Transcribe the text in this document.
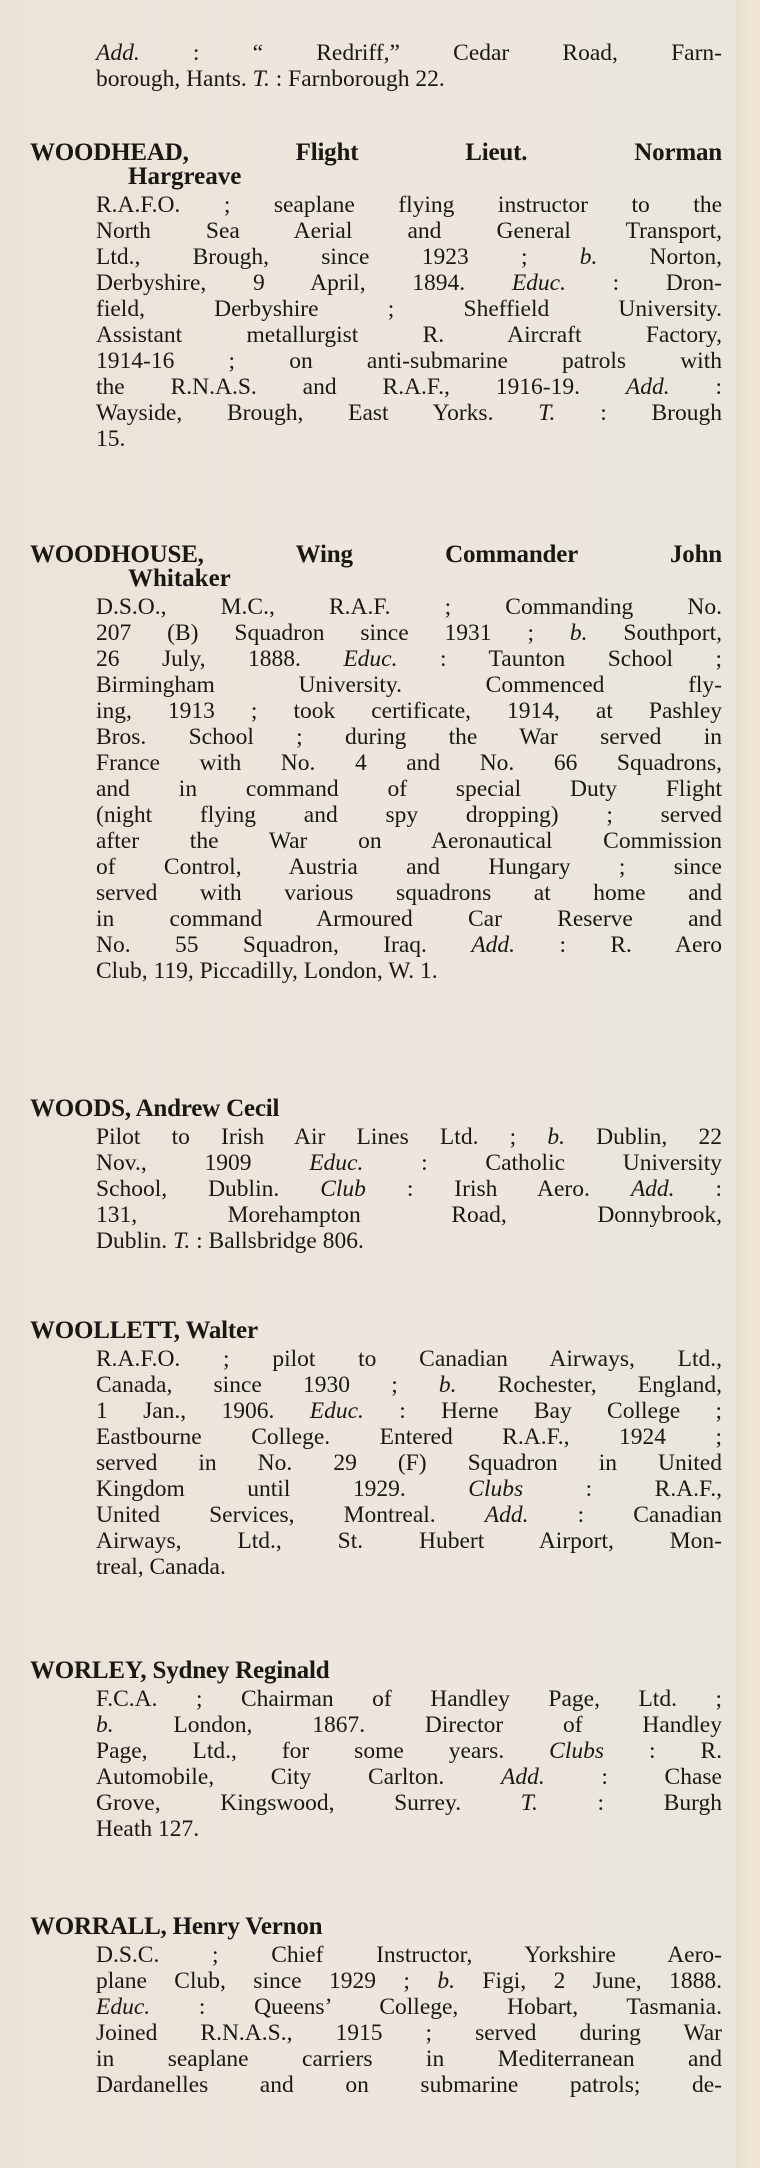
Add. : “ Redriff,” Cedar Road, Farn-
borough, Hants. T. : Farnborough 22.
WOODHEAD, Flight Lieut. Norman
Hargreave
R.A.F.O. ; seaplane flying instructor to the
North Sea Aerial and General Transport,
Ltd., Brough, since 1923 ; b. Norton,
Derbyshire, 9 April, 1894. Educ. : Dron-
field, Derbyshire ; Sheffield University.
Assistant metallurgist R. Aircraft Factory,
1914-16 ; on anti-submarine patrols with
the R.N.A.S. and R.A.F., 1916-19. Add. :
Wayside, Brough, East Yorks. T. : Brough
15.
WOODHOUSE, Wing Commander John
Whitaker
D.S.O., M.C., R.A.F. ; Commanding No.
207 (B) Squadron since 1931 ; b. Southport,
26 July, 1888. Educ. : Taunton School ;
Birmingham University. Commenced fly-
ing, 1913 ; took certificate, 1914, at Pashley
Bros. School ; during the War served in
France with No. 4 and No. 66 Squadrons,
and in command of special Duty Flight
(night flying and spy dropping) ; served
after the War on Aeronautical Commission
of Control, Austria and Hungary ; since
served with various squadrons at home and
in command Armoured Car Reserve and
No. 55 Squadron, Iraq. Add. : R. Aero
Club, 119, Piccadilly, London, W. 1.
WOODS, Andrew Cecil
Pilot to Irish Air Lines Ltd. ; b. Dublin, 22
Nov., 1909 Educ. : Catholic University
School, Dublin. Club : Irish Aero. Add. :
131, Morehampton Road, Donnybrook,
Dublin. T. : Ballsbridge 806.
WOOLLETT, Walter
R.A.F.O. ; pilot to Canadian Airways, Ltd.,
Canada, since 1930 ; b. Rochester, England,
1 Jan., 1906. Educ. : Herne Bay College ;
Eastbourne College. Entered R.A.F., 1924 ;
served in No. 29 (F) Squadron in United
Kingdom until 1929. Clubs : R.A.F.,
United Services, Montreal. Add. : Canadian
Airways, Ltd., St. Hubert Airport, Mon-
treal, Canada.
WORLEY, Sydney Reginald
F.C.A. ; Chairman of Handley Page, Ltd. ;
b. London, 1867. Director of Handley
Page, Ltd., for some years. Clubs : R.
Automobile, City Carlton. Add. : Chase
Grove, Kingswood, Surrey. T. : Burgh
Heath 127.
WORRALL, Henry Vernon
D.S.C. ; Chief Instructor, Yorkshire Aero-
plane Club, since 1929 ; b. Figi, 2 June, 1888.
Educ. : Queens’ College, Hobart, Tasmania.
Joined R.N.A.S., 1915 ; served during War
in seaplane carriers in Mediterranean and
Dardanelles and on submarine patrols; de-
